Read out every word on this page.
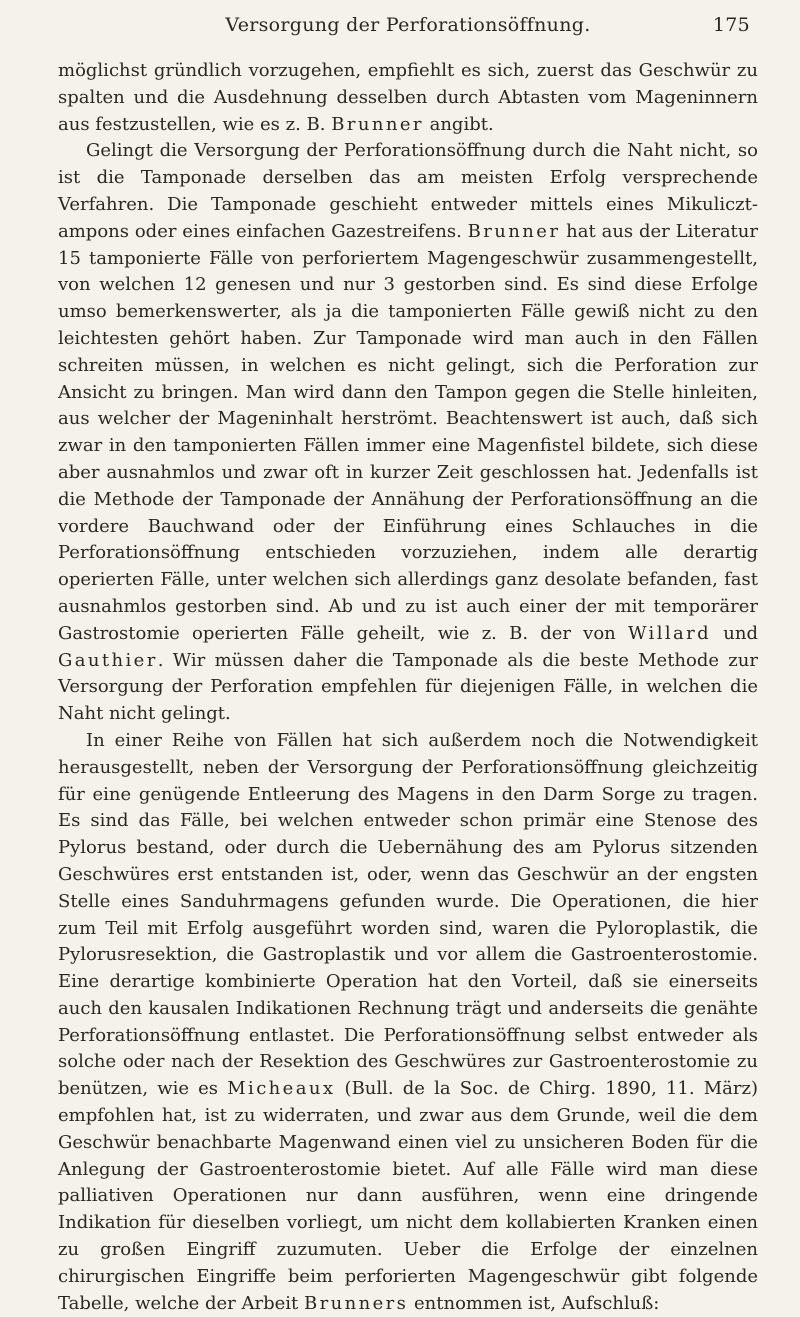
Versorgung der Perforationsöffnung.	175

möglichst gründlich vorzugehen, empfiehlt es sich, zuerst das Geschwür zu spalten und die Ausdehnung desselben durch Abtasten vom Mageninnern aus festzustellen, wie es z. B. Brunner angibt.

Gelingt die Versorgung der Perforationsöffnung durch die Naht nicht, so ist die Tamponade derselben das am meisten Erfolg versprechende Verfahren. Die Tamponade geschieht entweder mittels eines Mikulicztampons oder eines einfachen Gazestreifens. Brunner hat aus der Literatur 15 tamponierte Fälle von perforiertem Magengeschwür zusammengestellt, von welchen 12 genesen und nur 3 gestorben sind. Es sind diese Erfolge umso bemerkenswerter, als ja die tamponierten Fälle gewiß nicht zu den leichtesten gehört haben. Zur Tamponade wird man auch in den Fällen schreiten müssen, in welchen es nicht gelingt, sich die Perforation zur Ansicht zu bringen. Man wird dann den Tampon gegen die Stelle hinleiten, aus welcher der Mageninhalt herströmt. Beachtenswert ist auch, daß sich zwar in den tamponierten Fällen immer eine Magenfistel bildete, sich diese aber ausnahmlos und zwar oft in kurzer Zeit geschlossen hat. Jedenfalls ist die Methode der Tamponade der Annähung der Perforationsöffnung an die vordere Bauchwand oder der Einführung eines Schlauches in die Perforationsöffnung entschieden vorzuziehen, indem alle derartig operierten Fälle, unter welchen sich allerdings ganz desolate befanden, fast ausnahmlos gestorben sind. Ab und zu ist auch einer der mit temporärer Gastrostomie operierten Fälle geheilt, wie z. B. der von Willard und Gauthier. Wir müssen daher die Tamponade als die beste Methode zur Versorgung der Perforation empfehlen für diejenigen Fälle, in welchen die Naht nicht gelingt.

In einer Reihe von Fällen hat sich außerdem noch die Notwendigkeit herausgestellt, neben der Versorgung der Perforationsöffnung gleichzeitig für eine genügende Entleerung des Magens in den Darm Sorge zu tragen. Es sind das Fälle, bei welchen entweder schon primär eine Stenose des Pylorus bestand, oder durch die Uebernähung des am Pylorus sitzenden Geschwüres erst entstanden ist, oder, wenn das Geschwür an der engsten Stelle eines Sanduhrmagens gefunden wurde. Die Operationen, die hier zum Teil mit Erfolg ausgeführt worden sind, waren die Pyloroplastik, die Pylorusresektion, die Gastroplastik und vor allem die Gastroenterostomie. Eine derartige kombinierte Operation hat den Vorteil, daß sie einerseits auch den kausalen Indikationen Rechnung trägt und anderseits die genähte Perforationsöffnung entlastet. Die Perforationsöffnung selbst entweder als solche oder nach der Resektion des Geschwüres zur Gastroenterostomie zu benützen, wie es Micheaux (Bull. de la Soc. de Chirg. 1890, 11. März) empfohlen hat, ist zu widerraten, und zwar aus dem Grunde, weil die dem Geschwür benachbarte Magenwand einen viel zu unsicheren Boden für die Anlegung der Gastroenterostomie bietet. Auf alle Fälle wird man diese palliativen Operationen nur dann ausführen, wenn eine dringende Indikation für dieselben vorliegt, um nicht dem kollabierten Kranken einen zu großen Eingriff zuzumuten. Ueber die Erfolge der einzelnen chirurgischen Eingriffe beim perforierten Magengeschwür gibt folgende Tabelle, welche der Arbeit Brunners entnommen ist, Aufschluß:
